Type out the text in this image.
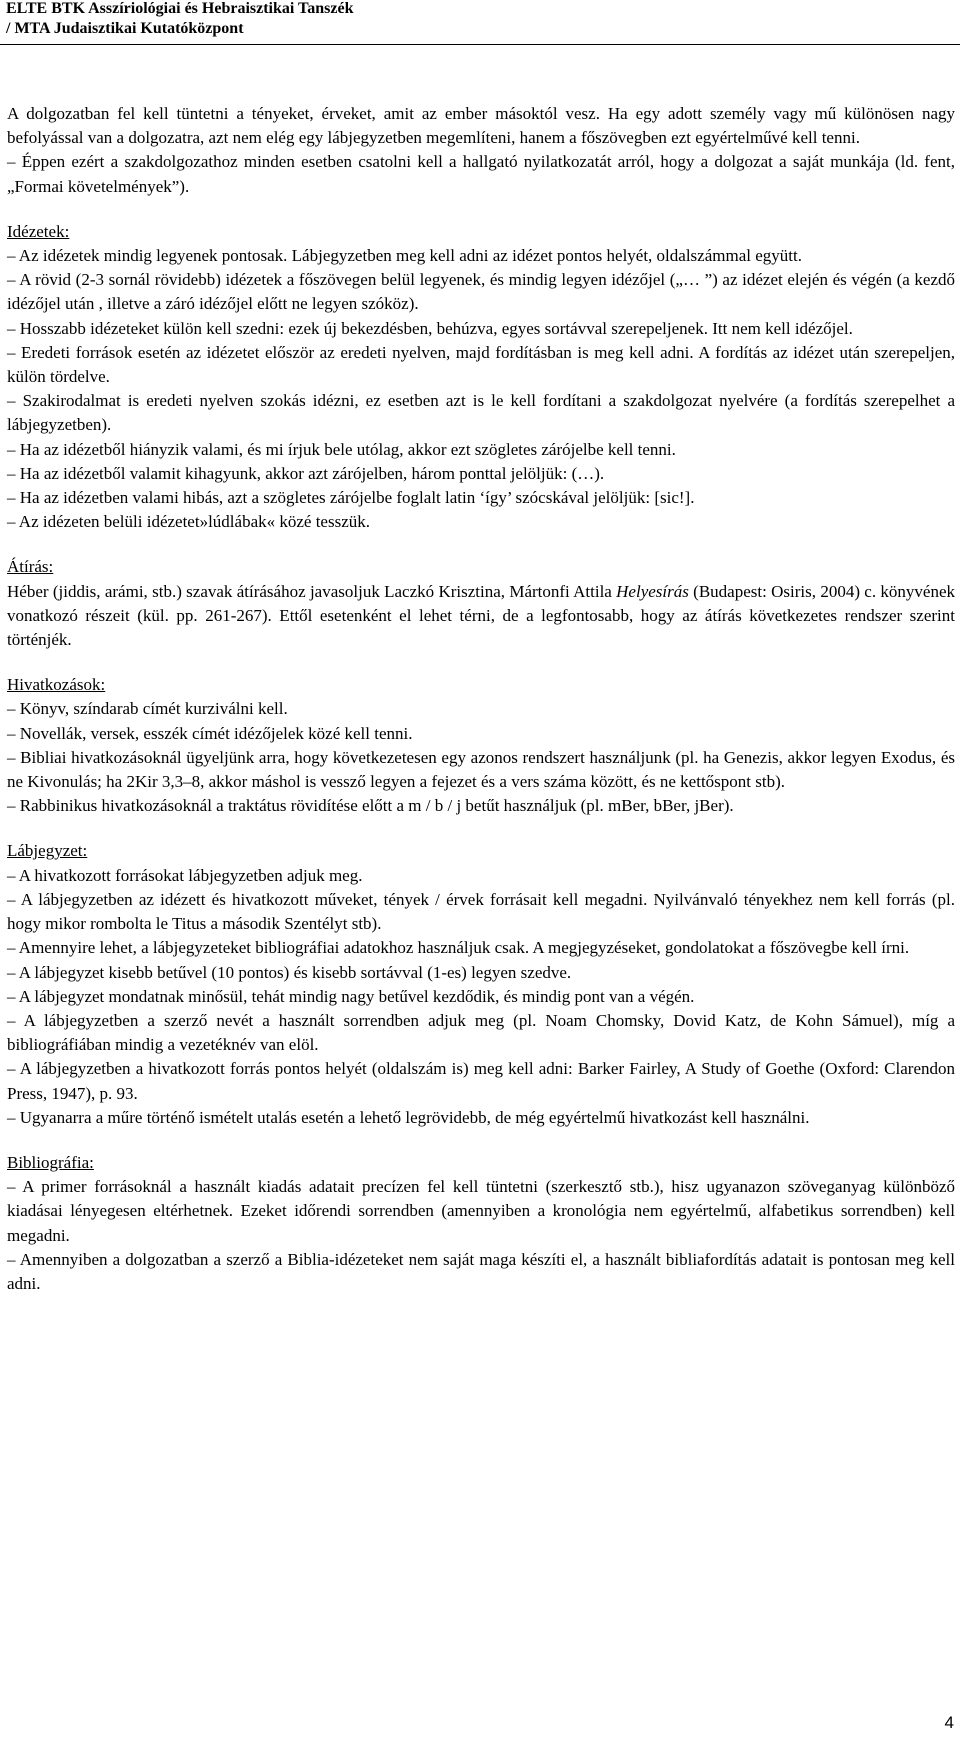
ELTE BTK Asszíriológiai és Hebraisztikai Tanszék
/ MTA Judaisztikai Kutatóközpont

A dolgozatban fel kell tüntetni a tényeket, érveket, amit az ember másoktól vesz. Ha egy adott személy vagy mű különösen nagy befolyással van a dolgozatra, azt nem elég egy lábjegyzetben megemlíteni, hanem a főszövegben ezt egyértelművé kell tenni.

– Éppen ezért a szakdolgozathoz minden esetben csatolni kell a hallgató nyilatkozatát arról, hogy a dolgozat a saját munkája (ld. fent, „Formai követelmények”).

Idézetek:

– Az idézetek mindig legyenek pontosak. Lábjegyzetben meg kell adni az idézet pontos helyét, oldalszámmal együtt.

– A rövid (2-3 sornál rövidebb) idézetek a főszövegen belül legyenek, és mindig legyen idézőjel („… ”) az idézet elején és végén (a kezdő idézőjel után , illetve a záró idézőjel előtt ne legyen szóköz).

– Hosszabb idézeteket külön kell szedni: ezek új bekezdésben, behúzva, egyes sortávval szerepeljenek. Itt nem kell idézőjel.

– Eredeti források esetén az idézetet először az eredeti nyelven, majd fordításban is meg kell adni. A fordítás az idézet után szerepeljen, külön tördelve.

– Szakirodalmat is eredeti nyelven szokás idézni, ez esetben azt is le kell fordítani a szakdolgozat nyelvére (a fordítás szerepelhet a lábjegyzetben).

– Ha az idézetből hiányzik valami, és mi írjuk bele utólag, akkor ezt szögletes zárójelbe kell tenni.

– Ha az idézetből valamit kihagyunk, akkor azt zárójelben, három ponttal jelöljük: (…).

– Ha az idézetben valami hibás, azt a szögletes zárójelbe foglalt latin ‘így’ szócskával jelöljük: [sic!].

– Az idézeten belüli idézetet»lúdlábak« közé tesszük.

Átírás:

Héber (jiddis, arámi, stb.) szavak átírásához javasoljuk Laczkó Krisztina, Mártonfi Attila Helyesírás (Budapest: Osiris, 2004) c. könyvének vonatkozó részeit (kül. pp. 261-267). Ettől esetenként el lehet térni, de a legfontosabb, hogy az átírás következetes rendszer szerint történjék.

Hivatkozások:

– Könyv, színdarab címét kurziválni kell.

– Novellák, versek, esszék címét idézőjelek közé kell tenni.

– Bibliai hivatkozásoknál ügyeljünk arra, hogy következetesen egy azonos rendszert használjunk (pl. ha Genezis, akkor legyen Exodus, és ne Kivonulás; ha 2Kir 3,3–8, akkor máshol is vessző legyen a fejezet és a vers száma között, és ne kettőspont stb).

– Rabbinikus hivatkozásoknál a traktátus rövidítése előtt a m / b / j betűt használjuk (pl. mBer, bBer, jBer).

Lábjegyzet:

– A hivatkozott forrásokat lábjegyzetben adjuk meg.

– A lábjegyzetben az idézett és hivatkozott műveket, tények / érvek forrásait kell megadni. Nyilvánvaló tényekhez nem kell forrás (pl. hogy mikor rombolta le Titus a második Szentélyt stb).

– Amennyire lehet, a lábjegyzeteket bibliográfiai adatokhoz használjuk csak. A megjegyzéseket, gondolatokat a főszövegbe kell írni.

– A lábjegyzet kisebb betűvel (10 pontos) és kisebb sortávval (1-es) legyen szedve.

– A lábjegyzet mondatnak minősül, tehát mindig nagy betűvel kezdődik, és mindig pont van a végén.

– A lábjegyzetben a szerző nevét a használt sorrendben adjuk meg (pl. Noam Chomsky, Dovid Katz, de Kohn Sámuel), míg a bibliográfiában mindig a vezetéknév van elöl.

– A lábjegyzetben a hivatkozott forrás pontos helyét (oldalszám is) meg kell adni: Barker Fairley, A Study of Goethe (Oxford: Clarendon Press, 1947), p. 93.

– Ugyanarra a műre történő ismételt utalás esetén a lehető legrövidebb, de még egyértelmű hivatkozást kell használni.

Bibliográfia:

– A primer forrásoknál a használt kiadás adatait precízen fel kell tüntetni (szerkesztő stb.), hisz ugyanazon szöveganyag különböző kiadásai lényegesen eltérhetnek. Ezeket időrendi sorrendben (amennyiben a kronológia nem egyértelmű, alfabetikus sorrendben) kell megadni.

– Amennyiben a dolgozatban a szerző a Biblia-idézeteket nem saját maga készíti el, a használt bibliafordítás adatait is pontosan meg kell adni.

4
